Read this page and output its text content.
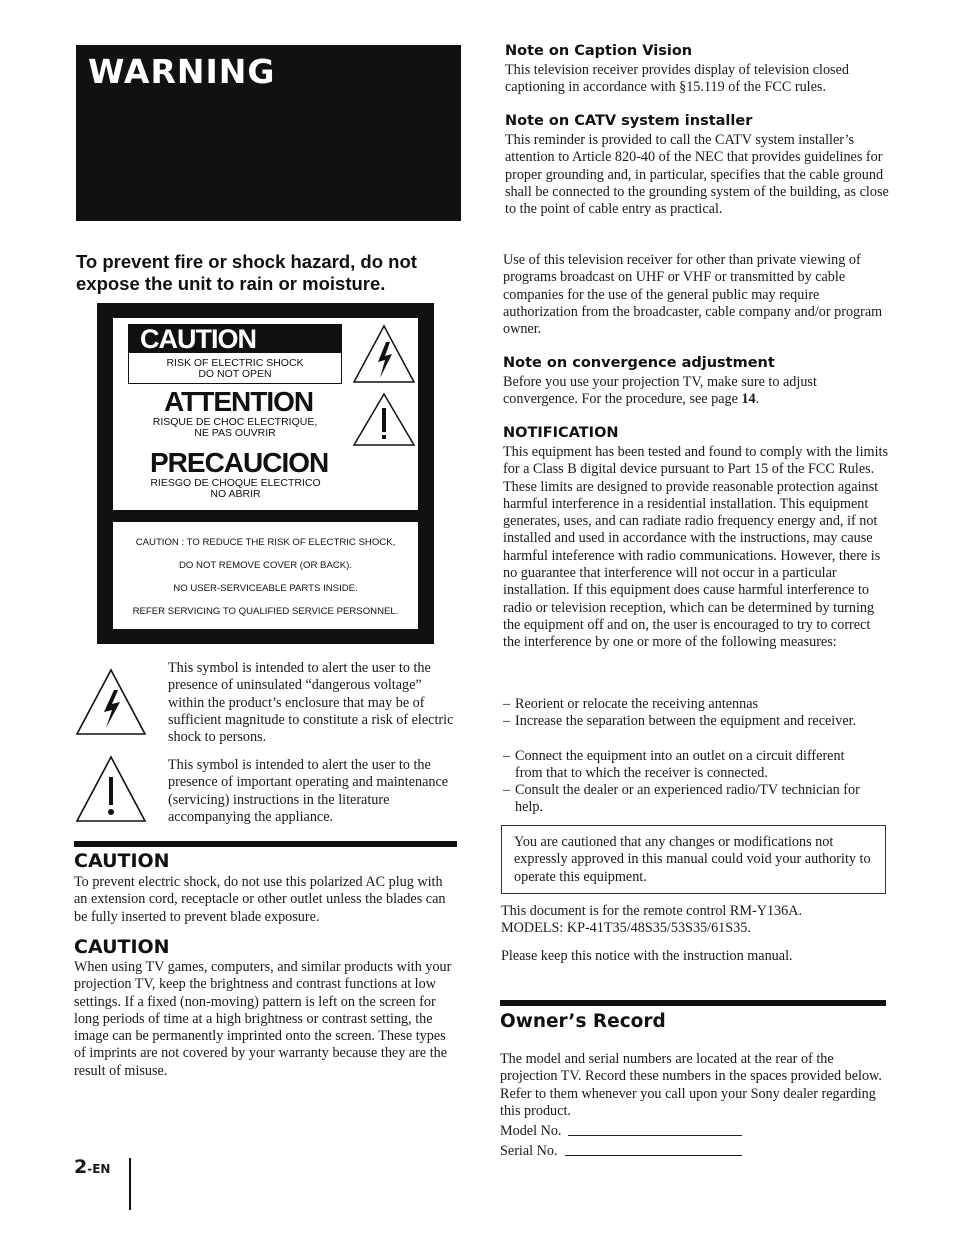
WARNING
To prevent fire or shock hazard, do not expose the unit to rain or moisture.
CAUTION
RISK OF ELECTRIC SHOCK
DO NOT OPEN
ATTENTION
RISQUE DE CHOC ELECTRIQUE,
NE PAS OUVRIR
PRECAUCION
RIESGO DE CHOQUE ELECTRICO
NO ABRIR
CAUTION : TO REDUCE THE RISK OF ELECTRIC SHOCK,
DO NOT REMOVE COVER (OR BACK).
NO USER-SERVICEABLE PARTS INSIDE.
REFER SERVICING TO QUALIFIED SERVICE PERSONNEL.
This symbol is intended to alert the user to the presence of uninsulated “dangerous voltage” within the product’s enclosure that may be of sufficient magnitude to constitute a risk of electric shock to persons.
This symbol is intended to alert the user to the presence of important operating and maintenance (servicing) instructions in the literature accompanying the appliance.
CAUTION
To prevent electric shock, do not use this polarized AC plug with an extension cord, receptacle or other outlet unless the blades can be fully inserted to prevent blade exposure.
CAUTION
When using TV games, computers, and similar products with your projection TV, keep the brightness and contrast functions at low settings. If a fixed (non-moving) pattern is left on the screen for long periods of time at a high brightness or contrast setting, the image can be permanently imprinted onto the screen. These types of imprints are not covered by your warranty because they are the result of misuse.
2-EN
Note on Caption Vision
This television receiver provides display of television closed captioning in accordance with §15.119 of the FCC rules.
Note on CATV system installer
This reminder is provided to call the CATV system installer’s attention to Article 820-40 of the NEC that provides guidelines for proper grounding and, in particular, specifies that the cable ground shall be connected to the grounding system of the building, as close to the point of cable entry as practical.
Use of this television receiver for other than private viewing of programs broadcast on UHF or VHF or transmitted by cable companies for the use of the general public may require authorization from the broadcaster, cable company and/or program owner.
Note on convergence adjustment
Before you use your projection TV, make sure to adjust convergence. For the procedure, see page 14.
NOTIFICATION
This equipment has been tested and found to comply with the limits for a Class B digital device pursuant to Part 15 of the FCC Rules. These limits are designed to provide reasonable protection against harmful interference in a residential installation. This equipment generates, uses, and can radiate radio frequency energy and, if not installed and used in accordance with the instructions, may cause harmful inteference with radio communications. However, there is no guarantee that interference will not occur in a particular installation. If this equipment does cause harmful interference to radio or television reception, which can be determined by turning the equipment off and on, the user is encouraged to try to correct the interference by one or more of the following measures:
– Reorient or relocate the receiving antennas
– Increase the separation between the equipment and receiver.
– Connect the equipment into an outlet on a circuit different from that to which the receiver is connected.
– Consult the dealer or an experienced radio/TV technician for help.
You are cautioned that any changes or modifications not expressly approved in this manual could void your authority to operate this equipment.
This document is for the remote control RM-Y136A.
MODELS: KP-41T35/48S35/53S35/61S35.
Please keep this notice with the instruction manual.
Owner’s Record
The model and serial numbers are located at the rear of the projection TV. Record these numbers in the spaces provided below. Refer to them whenever you call upon your Sony dealer regarding this product.
Model No.
Serial No.
